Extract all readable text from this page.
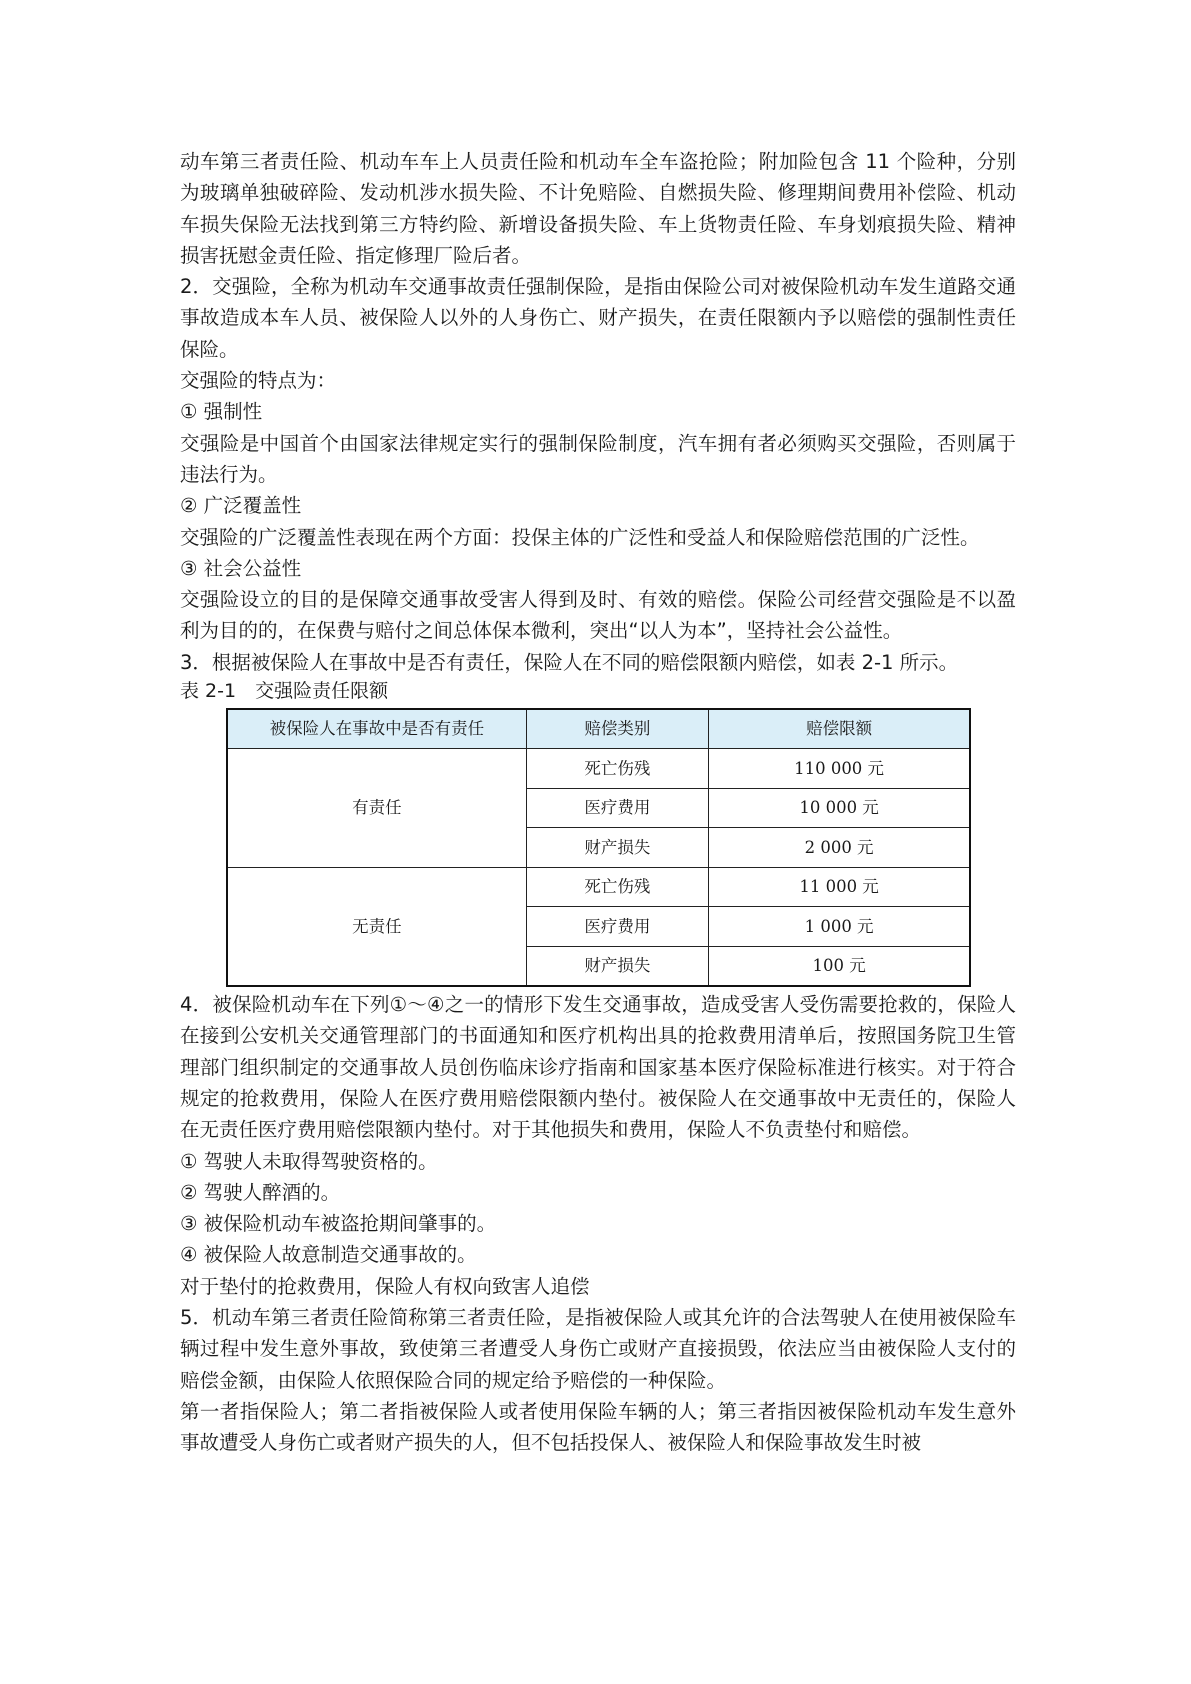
动车第三者责任险、机动车车上人员责任险和机动车全车盗抢险；附加险包含 11 个险种，分别为玻璃单独破碎险、发动机涉水损失险、不计免赔险、自燃损失险、修理期间费用补偿险、机动车损失保险无法找到第三方特约险、新增设备损失险、车上货物责任险、车身划痕损失险、精神损害抚慰金责任险、指定修理厂险后者。

2．交强险，全称为机动车交通事故责任强制保险，是指由保险公司对被保险机动车发生道路交通事故造成本车人员、被保险人以外的人身伤亡、财产损失，在责任限额内予以赔偿的强制性责任保险。

交强险的特点为：

① 强制性

交强险是中国首个由国家法律规定实行的强制保险制度，汽车拥有者必须购买交强险，否则属于违法行为。

② 广泛覆盖性

交强险的广泛覆盖性表现在两个方面：投保主体的广泛性和受益人和保险赔偿范围的广泛性。

③ 社会公益性

交强险设立的目的是保障交通事故受害人得到及时、有效的赔偿。保险公司经营交强险是不以盈利为目的的，在保费与赔付之间总体保本微利，突出“以人为本”，坚持社会公益性。

3．根据被保险人在事故中是否有责任，保险人在不同的赔偿限额内赔偿，如表 2-1 所示。

表 2-1　交强险责任限额

被保险人在事故中是否有责任	赔偿类别	赔偿限额
有责任	死亡伤残	110 000 元
	医疗费用	10 000 元
	财产损失	2 000 元
无责任	死亡伤残	11 000 元
	医疗费用	1 000 元
	财产损失	100 元

4．被保险机动车在下列①～④之一的情形下发生交通事故，造成受害人受伤需要抢救的，保险人在接到公安机关交通管理部门的书面通知和医疗机构出具的抢救费用清单后，按照国务院卫生管理部门组织制定的交通事故人员创伤临床诊疗指南和国家基本医疗保险标准进行核实。对于符合规定的抢救费用，保险人在医疗费用赔偿限额内垫付。被保险人在交通事故中无责任的，保险人在无责任医疗费用赔偿限额内垫付。对于其他损失和费用，保险人不负责垫付和赔偿。

① 驾驶人未取得驾驶资格的。

② 驾驶人醉酒的。

③ 被保险机动车被盗抢期间肇事的。

④ 被保险人故意制造交通事故的。

对于垫付的抢救费用，保险人有权向致害人追偿

5．机动车第三者责任险简称第三者责任险，是指被保险人或其允许的合法驾驶人在使用被保险车辆过程中发生意外事故，致使第三者遭受人身伤亡或财产直接损毁，依法应当由被保险人支付的赔偿金额，由保险人依照保险合同的规定给予赔偿的一种保险。

第一者指保险人；第二者指被保险人或者使用保险车辆的人；第三者指因被保险机动车发生意外事故遭受人身伤亡或者财产损失的人，但不包括投保人、被保险人和保险事故发生时被
